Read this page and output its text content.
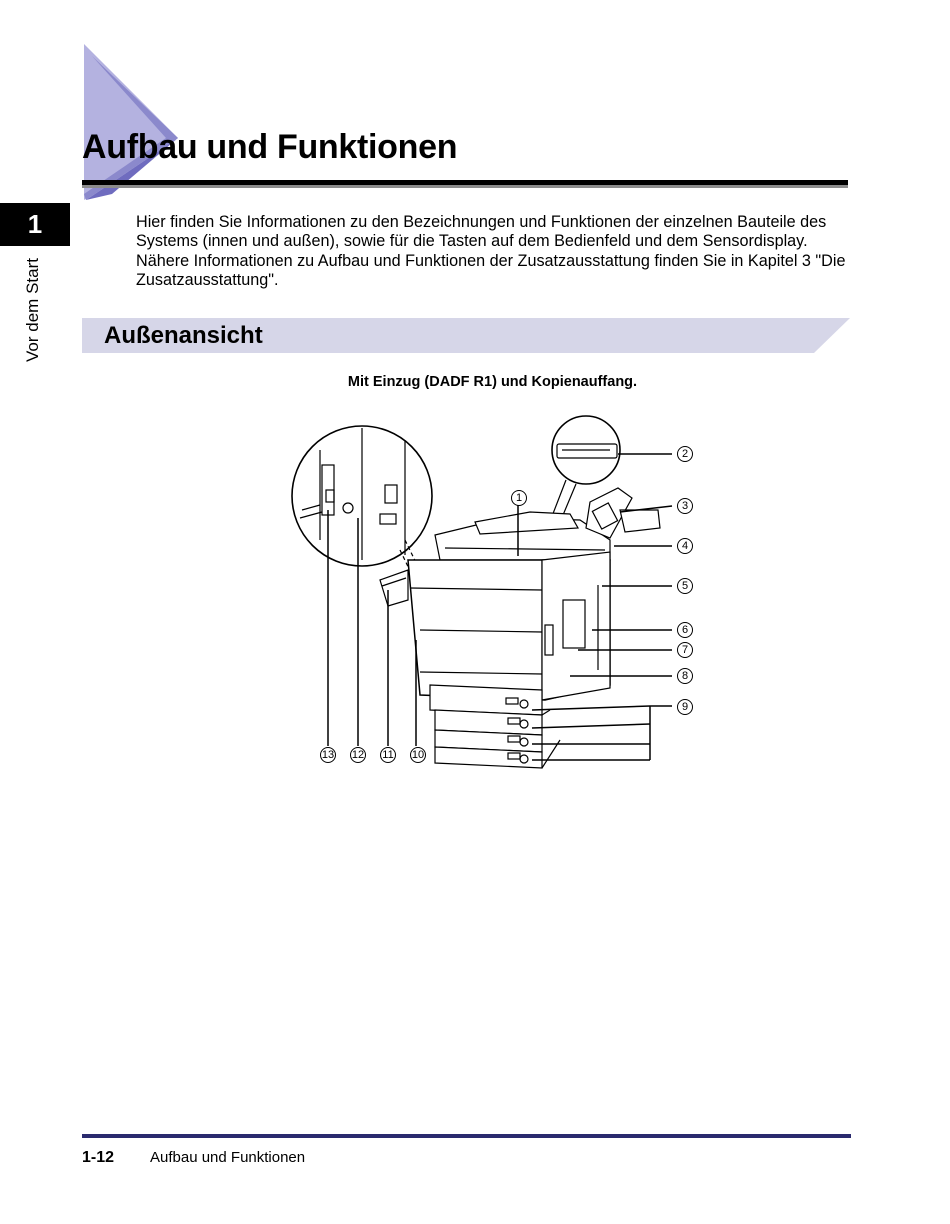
Aufbau und Funktionen
1
Vor dem Start

Hier finden Sie Informationen zu den Bezeichnungen und Funktionen der einzelnen Bauteile des Systems (innen und außen), sowie für die Tasten auf dem Bedienfeld und dem Sensordisplay. Nähere Informationen zu Aufbau und Funktionen der Zusatzausstattung finden Sie in Kapitel 3 "Die Zusatzausstattung".

Außenansicht
Mit Einzug (DADF R1) und Kopienauffang.
1
2
3
4
5
6
7
8
9
10
11
12
13
1-12 Aufbau und Funktionen
